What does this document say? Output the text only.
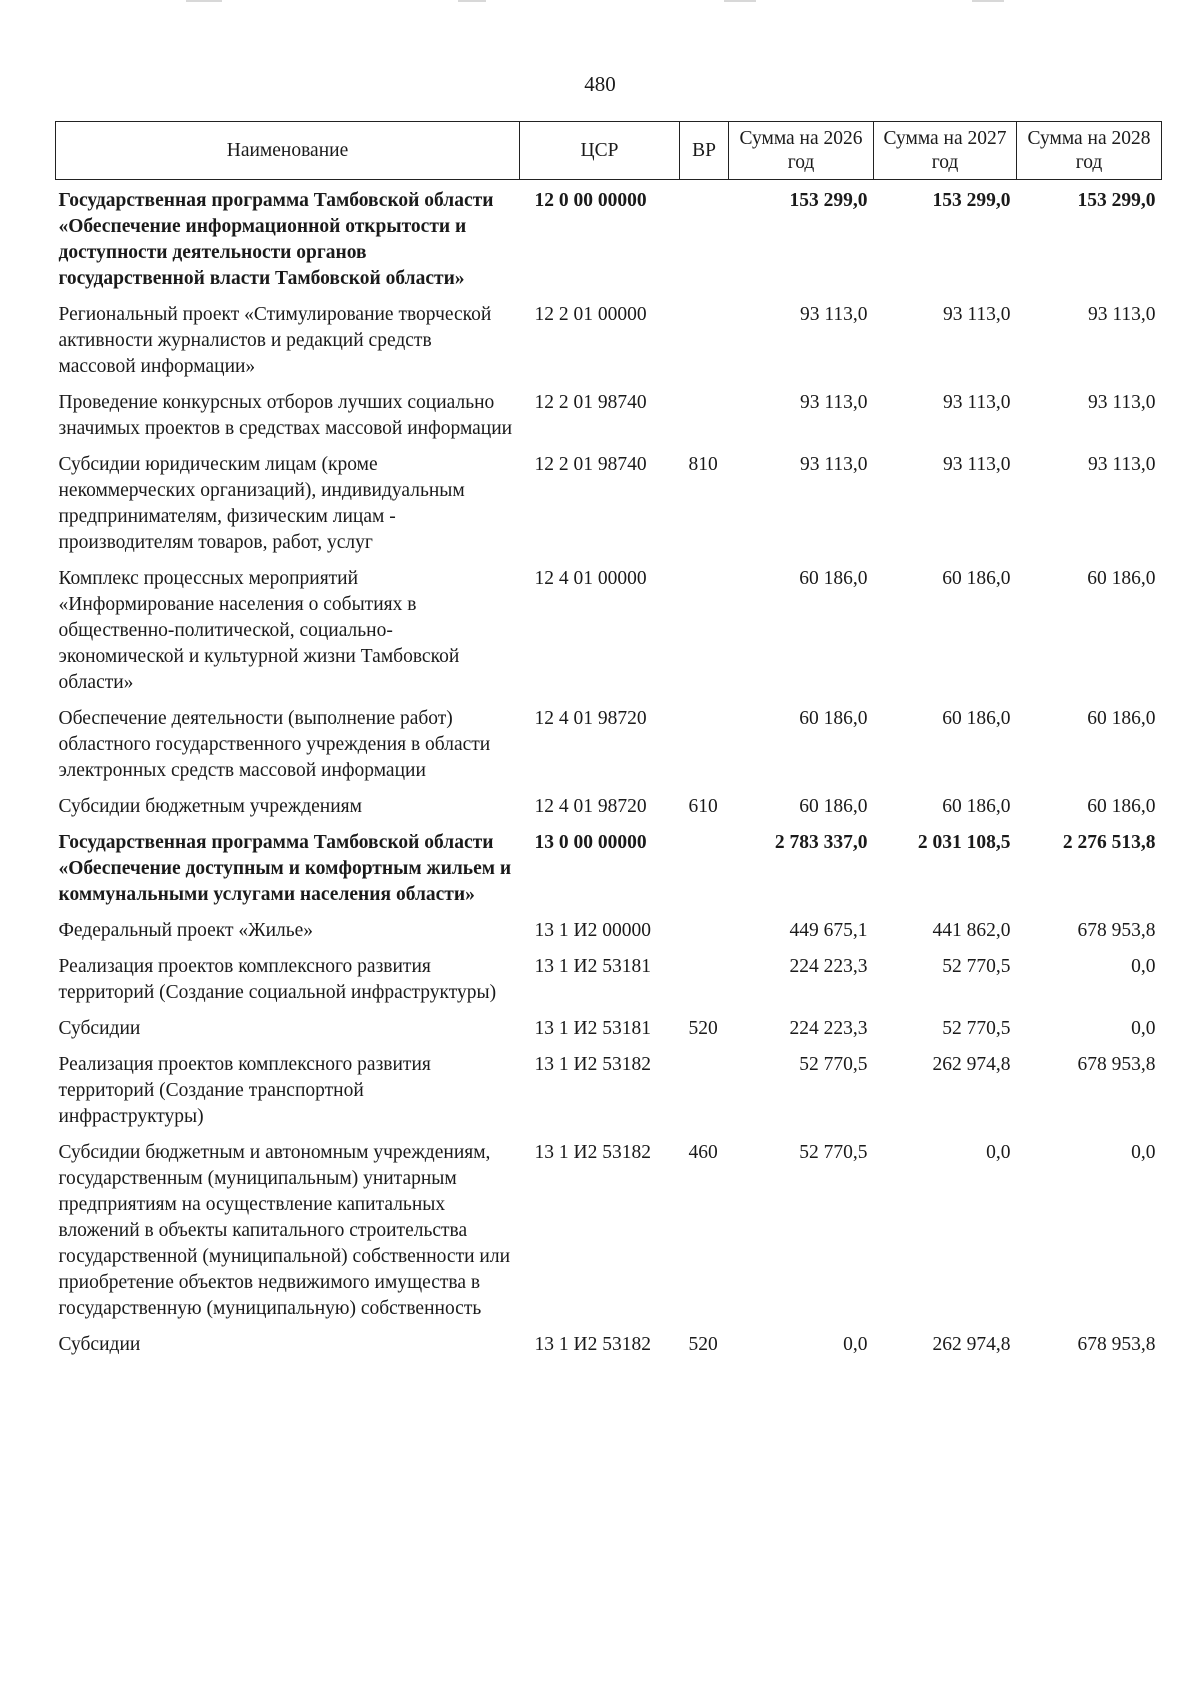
480
Наименование	ЦСР	ВР	Сумма на 2026 год	Сумма на 2027 год	Сумма на 2028 год
Государственная программа Тамбовской области «Обеспечение информационной открытости и доступности деятельности органов государственной власти Тамбовской области»	12 0 00 00000		153 299,0	153 299,0	153 299,0
Региональный проект «Стимулирование творческой активности журналистов и редакций средств массовой информации»	12 2 01 00000		93 113,0	93 113,0	93 113,0
Проведение конкурсных отборов лучших социально значимых проектов в средствах массовой информации	12 2 01 98740		93 113,0	93 113,0	93 113,0
Субсидии юридическим лицам (кроме некоммерческих организаций), индивидуальным предпринимателям, физическим лицам - производителям товаров, работ, услуг	12 2 01 98740	810	93 113,0	93 113,0	93 113,0
Комплекс процессных мероприятий «Информирование населения о событиях в общественно-политической, социально-экономической и культурной жизни Тамбовской области»	12 4 01 00000		60 186,0	60 186,0	60 186,0
Обеспечение деятельности (выполнение работ) областного государственного учреждения в области электронных средств массовой информации	12 4 01 98720		60 186,0	60 186,0	60 186,0
Субсидии бюджетным учреждениям	12 4 01 98720	610	60 186,0	60 186,0	60 186,0
Государственная программа Тамбовской области «Обеспечение доступным и комфортным жильем и коммунальными услугами населения области»	13 0 00 00000		2 783 337,0	2 031 108,5	2 276 513,8
Федеральный проект «Жилье»	13 1 И2 00000		449 675,1	441 862,0	678 953,8
Реализация проектов комплексного развития территорий (Создание социальной инфраструктуры)	13 1 И2 53181		224 223,3	52 770,5	0,0
Субсидии	13 1 И2 53181	520	224 223,3	52 770,5	0,0
Реализация проектов комплексного развития территорий (Создание транспортной инфраструктуры)	13 1 И2 53182		52 770,5	262 974,8	678 953,8
Субсидии бюджетным и автономным учреждениям, государственным (муниципальным) унитарным предприятиям на осуществление капитальных вложений в объекты капитального строительства государственной (муниципальной) собственности или приобретение объектов недвижимого имущества в государственную (муниципальную) собственность	13 1 И2 53182	460	52 770,5	0,0	0,0
Субсидии	13 1 И2 53182	520	0,0	262 974,8	678 953,8
